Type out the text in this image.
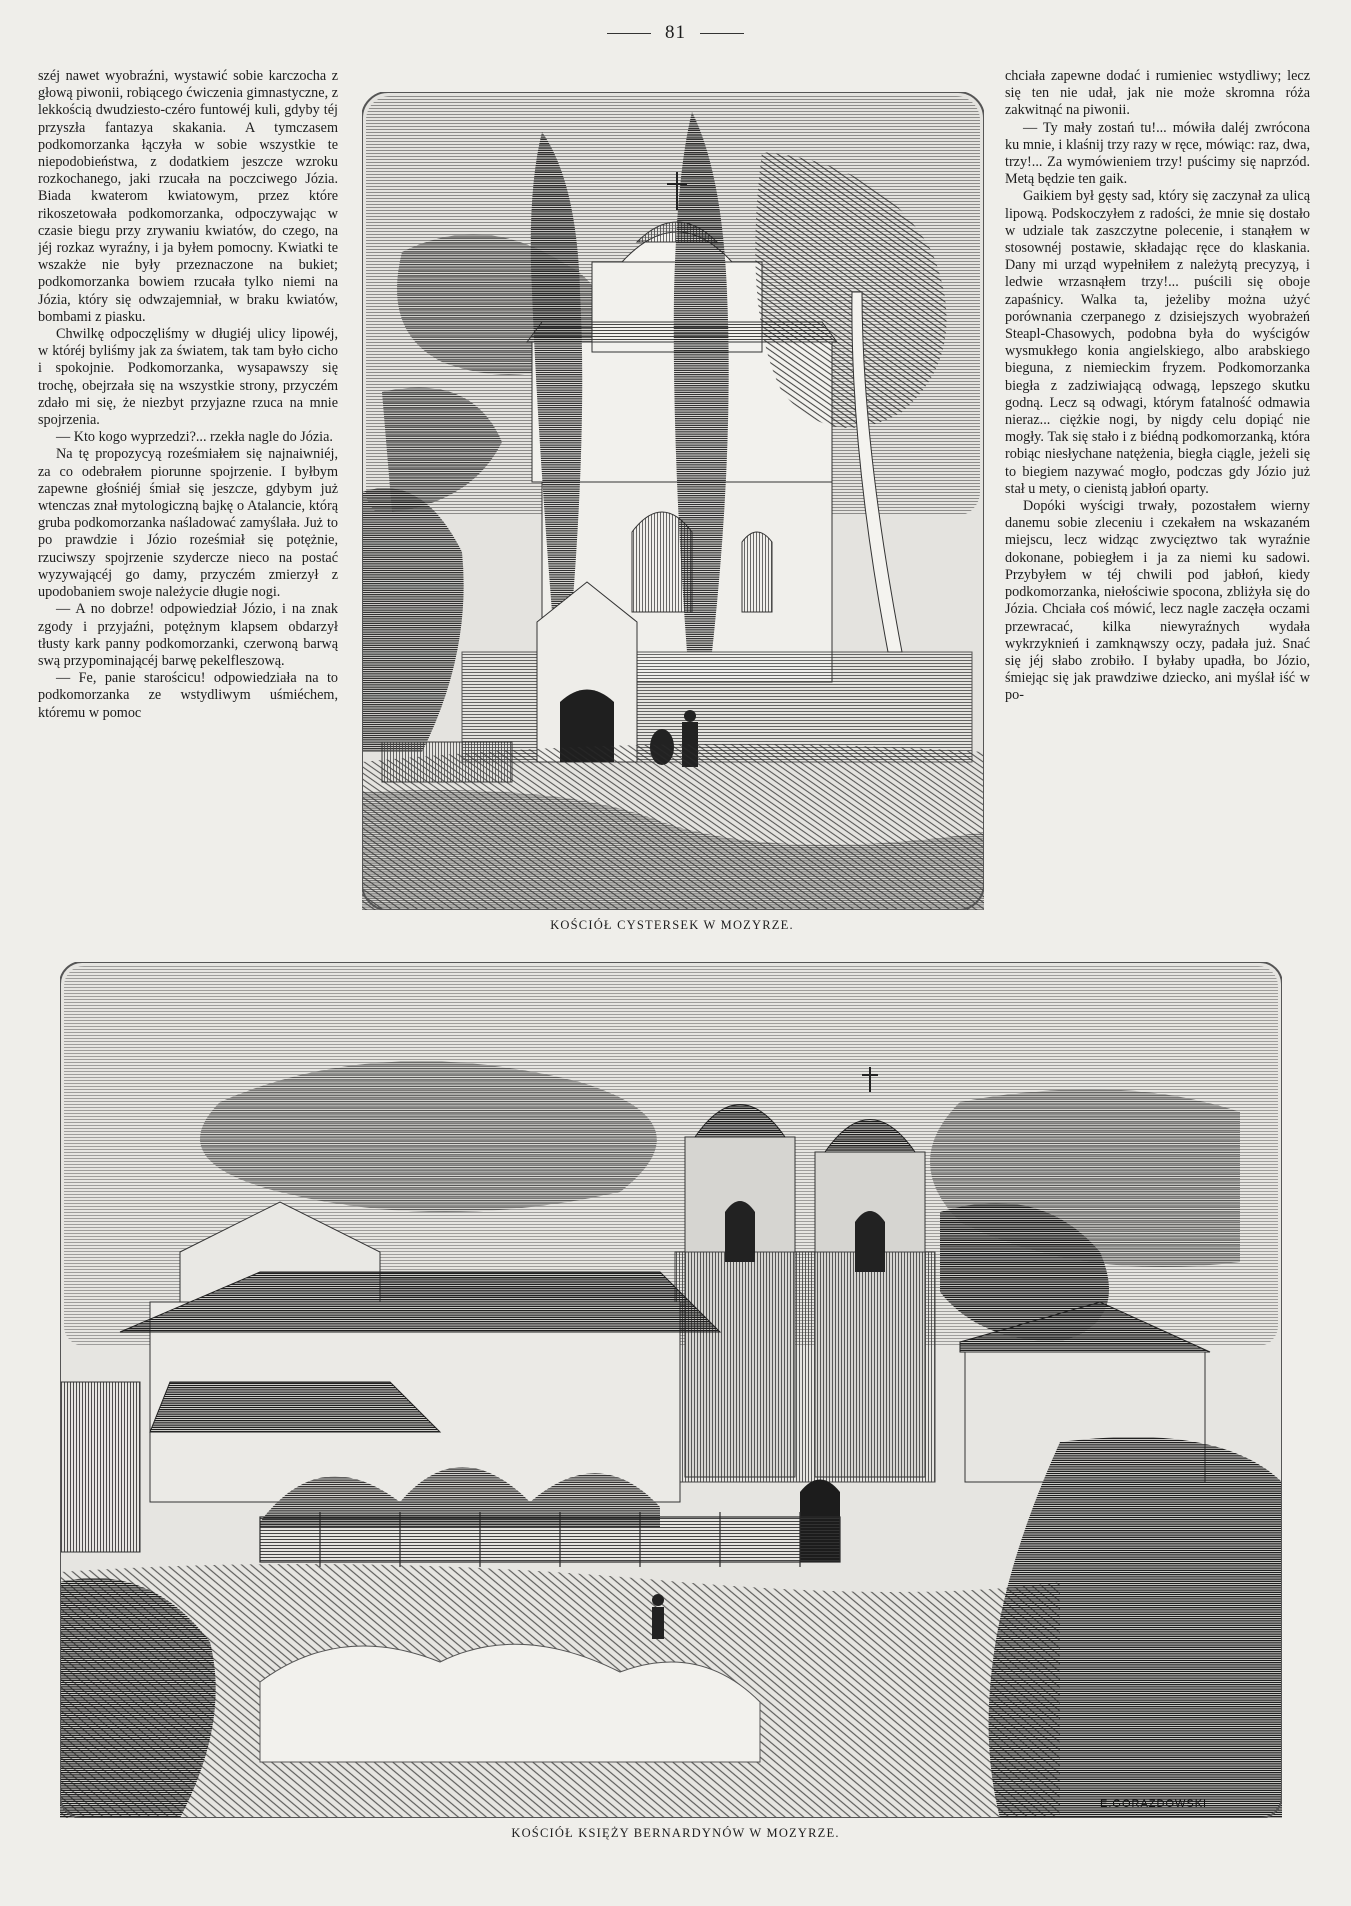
81

széj nawet wyobraźni, wystawić sobie karczocha z głową piwonii, robiącego ćwiczenia gimnastyczne, z lekkością dwudziesto-czéro funtowéj kuli, gdyby téj przyszła fantazya skakania. A tymczasem podkomorzanka łączyła w sobie wszystkie te niepodobieństwa, z dodatkiem jeszcze wzroku rozkochanego, jaki rzucała na poczciwego Józia. Biada kwaterom kwiatowym, przez które rikoszetowała podkomorzanka, odpoczywając w czasie biegu przy zrywaniu kwiatów, do czego, na jéj rozkaz wyraźny, i ja byłem pomocny. Kwiatki te wszakże nie były przeznaczone na bukiet; podkomorzanka bowiem rzucała tylko niemi na Józia, który się odwzajemniał, w braku kwiatów, bombami z piasku.

Chwilkę odpoczęliśmy w długiéj ulicy lipowéj, w któréj byliśmy jak za światem, tak tam było cicho i spokojnie. Podkomorzanka, wysapawszy się trochę, obejrzała się na wszystkie strony, przyczém zdało mi się, że niezbyt przyjazne rzuca na mnie spojrzenia.

— Kto kogo wyprzedzi?... rzekła nagle do Józia.

Na tę propozycyą roześmiałem się najnaiwniéj, za co odebrałem piorunne spojrzenie. I byłbym zapewne głośniéj śmiał się jeszcze, gdybym już wtenczas znał mytologiczną bajkę o Atalancie, którą gruba podkomorzanka naśladować zamyślała. Już to po prawdzie i Józio roześmiał się potężnie, rzuciwszy spojrzenie szydercze nieco na postać wyzywającéj go damy, przyczém zmierzył z upodobaniem swoje należycie długie nogi.

— A no dobrze! odpowiedział Józio, i na znak zgody i przyjaźni, potężnym klapsem obdarzył tłusty kark panny podkomorzanki, czerwoną barwą swą przypominającéj barwę pekelfleszową.

— Fe, panie starościcu! odpowiedziała na to podkomorzanka ze wstydliwym uśmiéchem, któremu w pomoc

chciała zapewne dodać i rumieniec wstydliwy; lecz się ten nie udał, jak nie może skromna róża zakwitnąć na piwonii.

— Ty mały zostań tu!... mówiła daléj zwrócona ku mnie, i klaśnij trzy razy w ręce, mówiąc: raz, dwa, trzy!... Za wymówieniem trzy! puścimy się naprzód. Metą będzie ten gaik.

Gaikiem był gęsty sad, który się zaczynał za ulicą lipową. Podskoczyłem z radości, że mnie się dostało w udziale tak zaszczytne polecenie, i stanąłem w stosownéj postawie, składając ręce do klaskania. Dany mi urząd wypełniłem z należytą precyzyą, i ledwie wrzasnąłem trzy!... puścili się oboje zapaśnicy. Walka ta, jeżeliby można użyć porównania czerpanego z dzisiejszych wyobrażeń Steapl-Chasowych, podobna była do wyścigów wysmukłego konia angielskiego, albo arabskiego bieguna, z niemieckim fryzem. Podkomorzanka biegła z zadziwiającą odwagą, lepszego skutku godną. Lecz są odwagi, którym fatalność odmawia nieraz... ciężkie nogi, by nigdy celu dopiąć nie mogły. Tak się stało i z biédną podkomorzanką, która robiąc niesłychane natężenia, biegła ciągle, jeżeli się to biegiem nazywać mogło, podczas gdy Józio już stał u mety, o cienistą jabłoń oparty.

Dopóki wyścigi trwały, pozostałem wierny danemu sobie zleceniu i czekałem na wskazaném miejscu, lecz widząc zwycięztwo tak wyraźnie dokonane, pobiegłem i ja za niemi ku sadowi. Przybyłem w téj chwili pod jabłoń, kiedy podkomorzanka, niełościwie spocona, zbliżyła się do Józia. Chciała coś mówić, lecz nagle zaczęła oczami przewracać, kilka niewyraźnych wydała wykrzyknień i zamknąwszy oczy, padała już. Snać się jéj słabo zrobiło. I byłaby upadła, bo Józio, śmiejąc się jak prawdziwe dziecko, ani myślał iść w po-

KOŚCIÓŁ CYSTERSEK W MOZYRZE.
E.GORAZDOWSKI
KOŚCIÓŁ KSIĘŻY BERNARDYNÓW W MOZYRZE.
